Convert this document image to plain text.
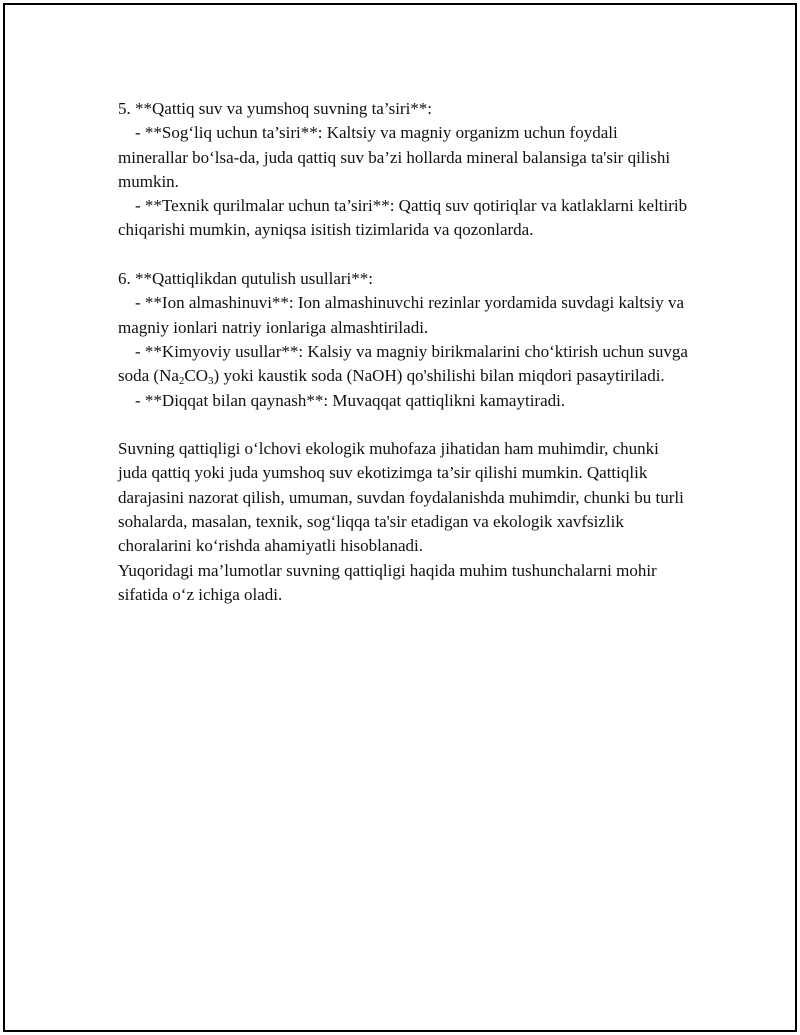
5. **Qattiq suv va yumshoq suvning ta’siri**:

- **Sog‘liq uchun ta’siri**: Kaltsiy va magniy organizm uchun foydali minerallar bo‘lsa-da, juda qattiq suv ba’zi hollarda mineral balansiga ta'sir qilishi mumkin.

- **Texnik qurilmalar uchun ta’siri**: Qattiq suv qotiriqlar va katlaklarni keltirib chiqarishi mumkin, ayniqsa isitish tizimlarida va qozonlarda.

6. **Qattiqlikdan qutulish usullari**:

- **Ion almashinuvi**: Ion almashinuvchi rezinlar yordamida suvdagi kaltsiy va magniy ionlari natriy ionlariga almashtiriladi.

- **Kimyoviy usullar**: Kalsiy va magniy birikmalarini cho‘ktirish uchun suvga soda $(Na_2CO_3)$ yoki kaustik soda (NaOH) qo'shilishi bilan miqdori pasaytiriladi.

- **Diqqat bilan qaynash**: Muvaqqat qattiqlikni kamaytiradi.

Suvning qattiqligi o‘lchovi ekologik muhofaza jihatidan ham muhimdir, chunki juda qattiq yoki juda yumshoq suv ekotizimga ta’sir qilishi mumkin. Qattiqlik darajasini nazorat qilish, umuman, suvdan foydalanishda muhimdir, chunki bu turli sohalarda, masalan, texnik, sog‘liqqa ta'sir etadigan va ekologik xavfsizlik choralarini ko‘rishda ahamiyatli hisoblanadi.

Yuqoridagi ma’lumotlar suvning qattiqligi haqida muhim tushunchalarni mohir sifatida o‘z ichiga oladi.
